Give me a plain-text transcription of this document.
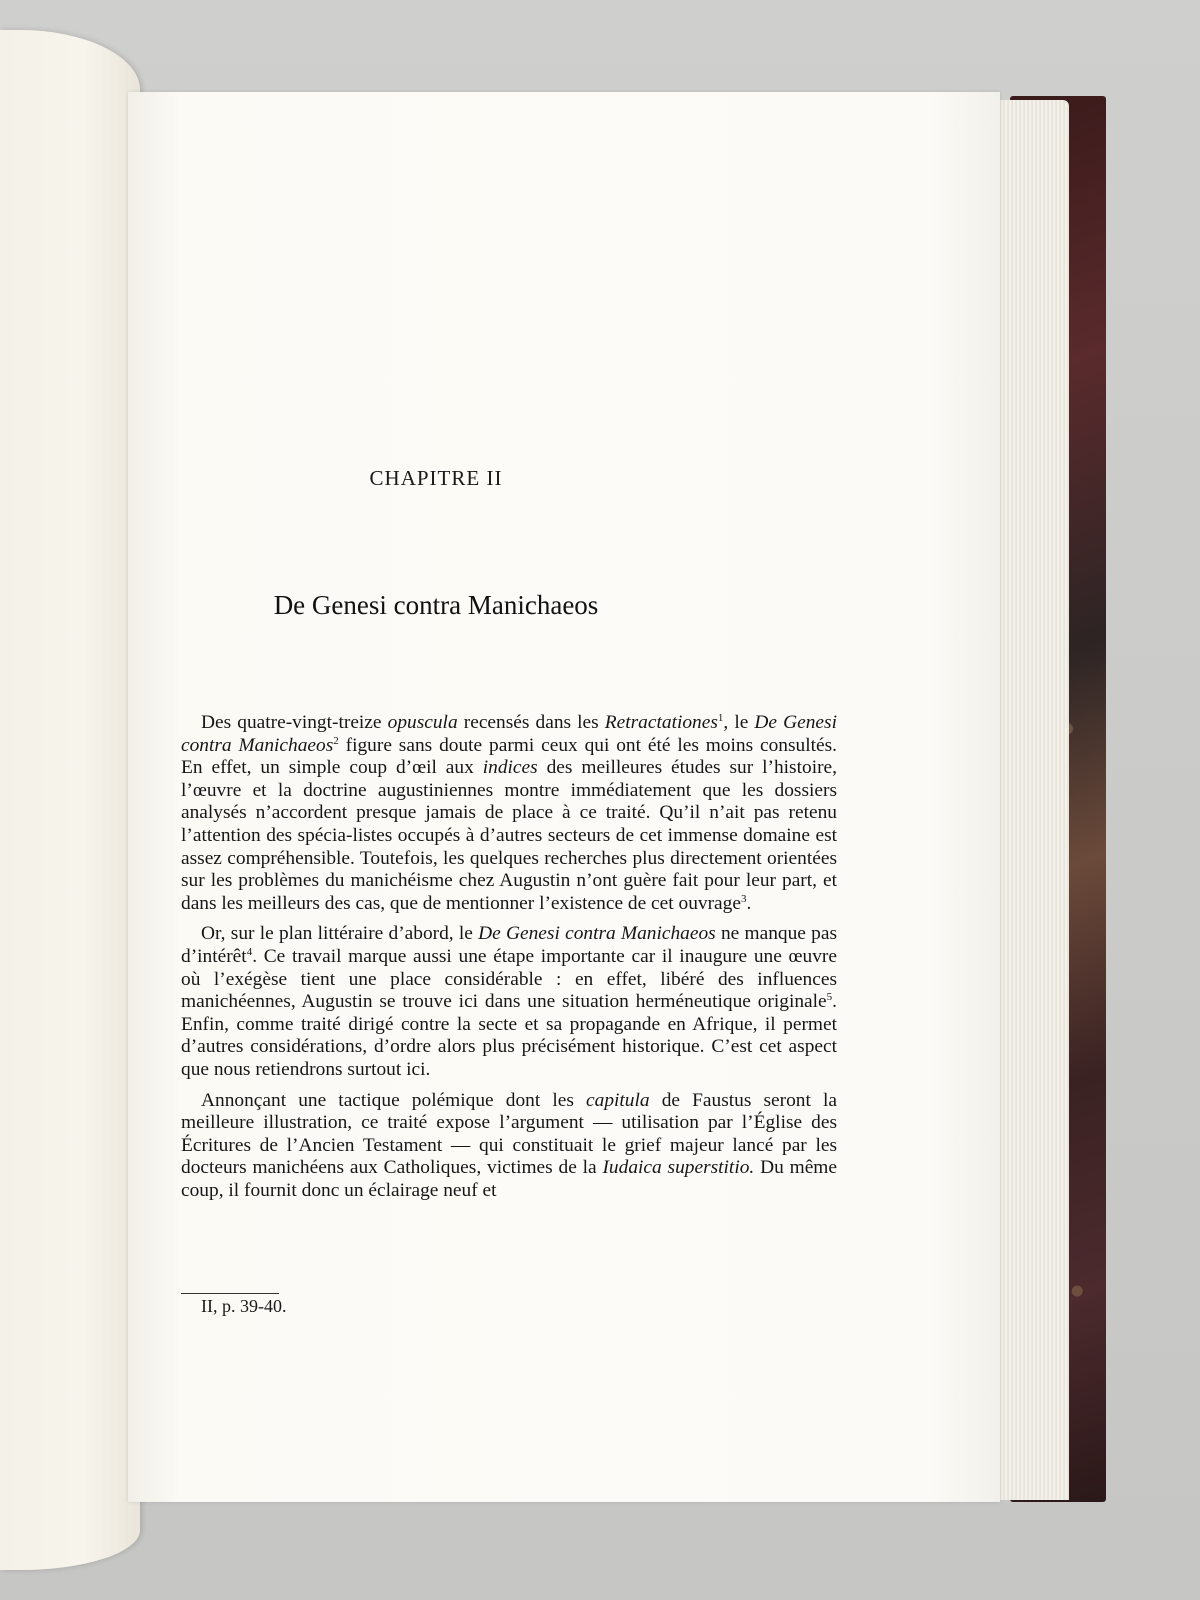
CHAPITRE II
De Genesi contra Manichaeos

Des quatre-vingt-treize opuscula recensés dans les Retractationes$^1$, le De Genesi contra Manichaeos$^2$ figure sans doute parmi ceux qui ont été les moins consultés. En effet, un simple coup d’œil aux indices des meilleures études sur l’histoire, l’œuvre et la doctrine augustiniennes montre immédiatement que les dossiers analysés n’accordent presque jamais de place à ce traité. Qu’il n’ait pas retenu l’attention des spécia-listes occupés à d’autres secteurs de cet immense domaine est assez compréhensible. Toutefois, les quelques recherches plus directement orientées sur les problèmes du manichéisme chez Augustin n’ont guère fait pour leur part, et dans les meilleurs des cas, que de mentionner l’existence de cet ouvrage$^3$.

Or, sur le plan littéraire d’abord, le De Genesi contra Manichaeos ne manque pas d’intérêt$^4$. Ce travail marque aussi une étape importante car il inaugure une œuvre où l’exégèse tient une place considérable : en effet, libéré des influences manichéennes, Augustin se trouve ici dans une situation herméneutique originale$^5$. Enfin, comme traité dirigé contre la secte et sa propagande en Afrique, il permet d’autres considérations, d’ordre alors plus précisément historique. C’est cet aspect que nous retiendrons surtout ici.

Annonçant une tactique polémique dont les capitula de Faustus seront la meilleure illustration, ce traité expose l’argument — utilisation par l’Église des Écritures de l’Ancien Testament — qui constituait le grief majeur lancé par les docteurs manichéens aux Catholiques, victimes de la Iudaica superstitio. Du même coup, il fournit donc un éclairage neuf et

II, p. 39-40.
